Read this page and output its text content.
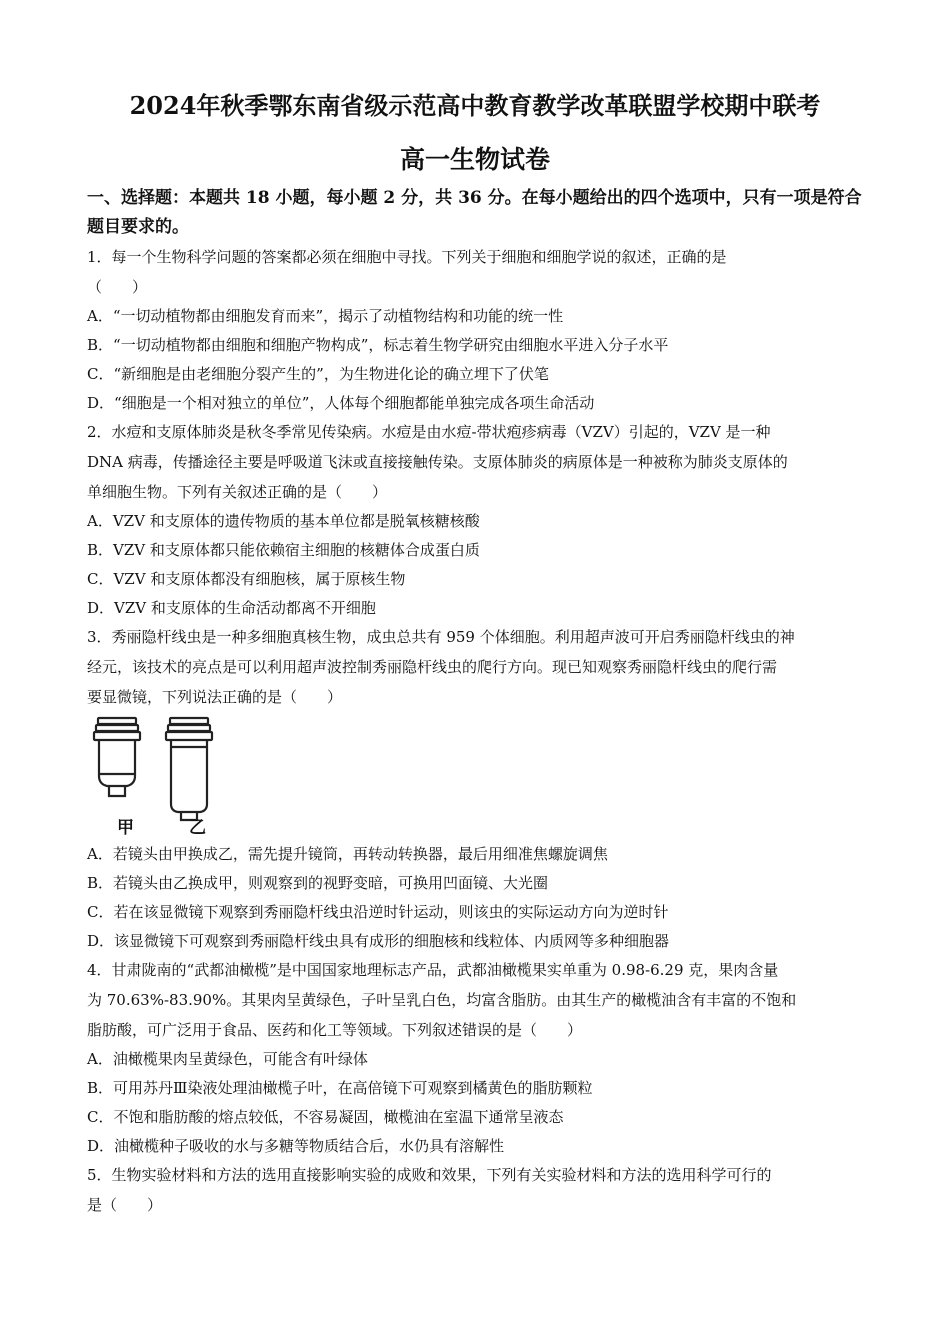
2024年秋季鄂东南省级示范高中教育教学改革联盟学校期中联考
高一生物试卷
一、选择题：本题共 18 小题，每小题 2 分，共 36 分。在每小题给出的四个选项中，只有一项是符合题目要求的。
1．每一个生物科学问题的答案都必须在细胞中寻找。下列关于细胞和细胞学说的叙述，正确的是
（　　）
A．“一切动植物都由细胞发育而来”，揭示了动植物结构和功能的统一性
B．“一切动植物都由细胞和细胞产物构成”，标志着生物学研究由细胞水平进入分子水平
C．“新细胞是由老细胞分裂产生的”，为生物进化论的确立埋下了伏笔
D．“细胞是一个相对独立的单位”，人体每个细胞都能单独完成各项生命活动
2．水痘和支原体肺炎是秋冬季常见传染病。水痘是由水痘-带状疱疹病毒（VZV）引起的，VZV 是一种
DNA 病毒，传播途径主要是呼吸道飞沫或直接接触传染。支原体肺炎的病原体是一种被称为肺炎支原体的
单细胞生物。下列有关叙述正确的是（　　）
A．VZV 和支原体的遗传物质的基本单位都是脱氧核糖核酸
B．VZV 和支原体都只能依赖宿主细胞的核糖体合成蛋白质
C．VZV 和支原体都没有细胞核，属于原核生物
D．VZV 和支原体的生命活动都离不开细胞
3．秀丽隐杆线虫是一种多细胞真核生物，成虫总共有 959 个体细胞。利用超声波可开启秀丽隐杆线虫的神
经元，该技术的亮点是可以利用超声波控制秀丽隐杆线虫的爬行方向。现已知观察秀丽隐杆线虫的爬行需
要显微镜，下列说法正确的是（　　）
甲	乙
A．若镜头由甲换成乙，需先提升镜筒，再转动转换器，最后用细准焦螺旋调焦
B．若镜头由乙换成甲，则观察到的视野变暗，可换用凹面镜、大光圈
C．若在该显微镜下观察到秀丽隐杆线虫沿逆时针运动，则该虫的实际运动方向为逆时针
D．该显微镜下可观察到秀丽隐杆线虫具有成形的细胞核和线粒体、内质网等多种细胞器
4．甘肃陇南的“武都油橄榄”是中国国家地理标志产品，武都油橄榄果实单重为 0.98-6.29 克，果肉含量
为 70.63%-83.90%。其果肉呈黄绿色，子叶呈乳白色，均富含脂肪。由其生产的橄榄油含有丰富的不饱和
脂肪酸，可广泛用于食品、医药和化工等领域。下列叙述错误的是（　　）
A．油橄榄果肉呈黄绿色，可能含有叶绿体
B．可用苏丹Ⅲ染液处理油橄榄子叶，在高倍镜下可观察到橘黄色的脂肪颗粒
C．不饱和脂肪酸的熔点较低，不容易凝固，橄榄油在室温下通常呈液态
D．油橄榄种子吸收的水与多糖等物质结合后，水仍具有溶解性
5．生物实验材料和方法的选用直接影响实验的成败和效果，下列有关实验材料和方法的选用科学可行的
是（　　）
